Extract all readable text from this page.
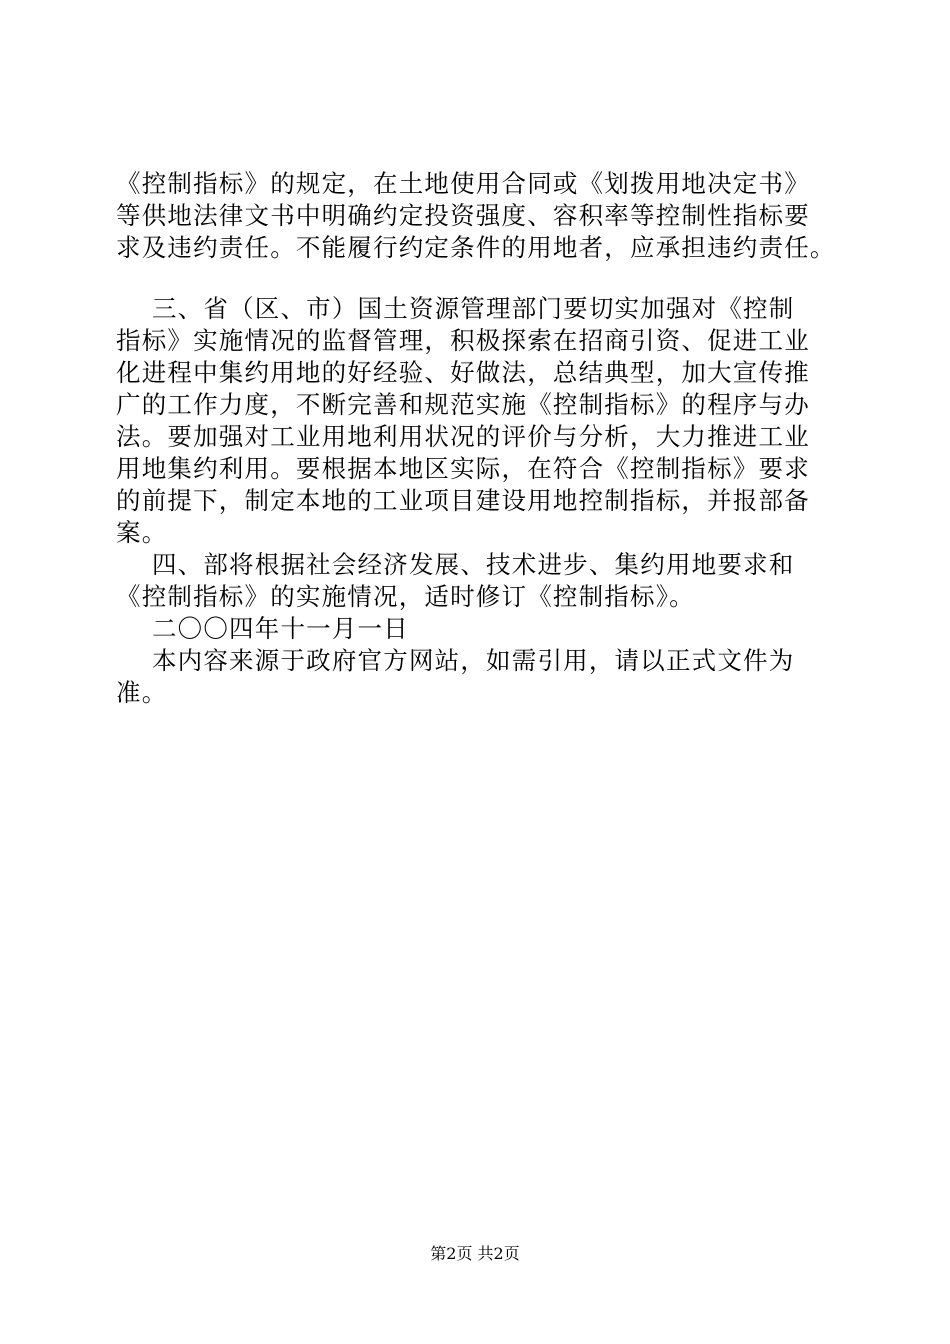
《控制指标》的规定，在土地使用合同或《划拨用地决定书》
等供地法律文书中明确约定投资强度、容积率等控制性指标要
求及违约责任。不能履行约定条件的用地者，应承担违约责任。
三、省（区、市）国土资源管理部门要切实加强对《控制
指标》实施情况的监督管理，积极探索在招商引资、促进工业
化进程中集约用地的好经验、好做法，总结典型，加大宣传推
广的工作力度，不断完善和规范实施《控制指标》的程序与办
法。要加强对工业用地利用状况的评价与分析，大力推进工业
用地集约利用。要根据本地区实际，在符合《控制指标》要求
的前提下，制定本地的工业项目建设用地控制指标，并报部备
案。
四、部将根据社会经济发展、技术进步、集约用地要求和
《控制指标》的实施情况，适时修订《控制指标》。
二〇〇四年十一月一日
本内容来源于政府官方网站，如需引用，请以正式文件为
准。
第2页 共2页
